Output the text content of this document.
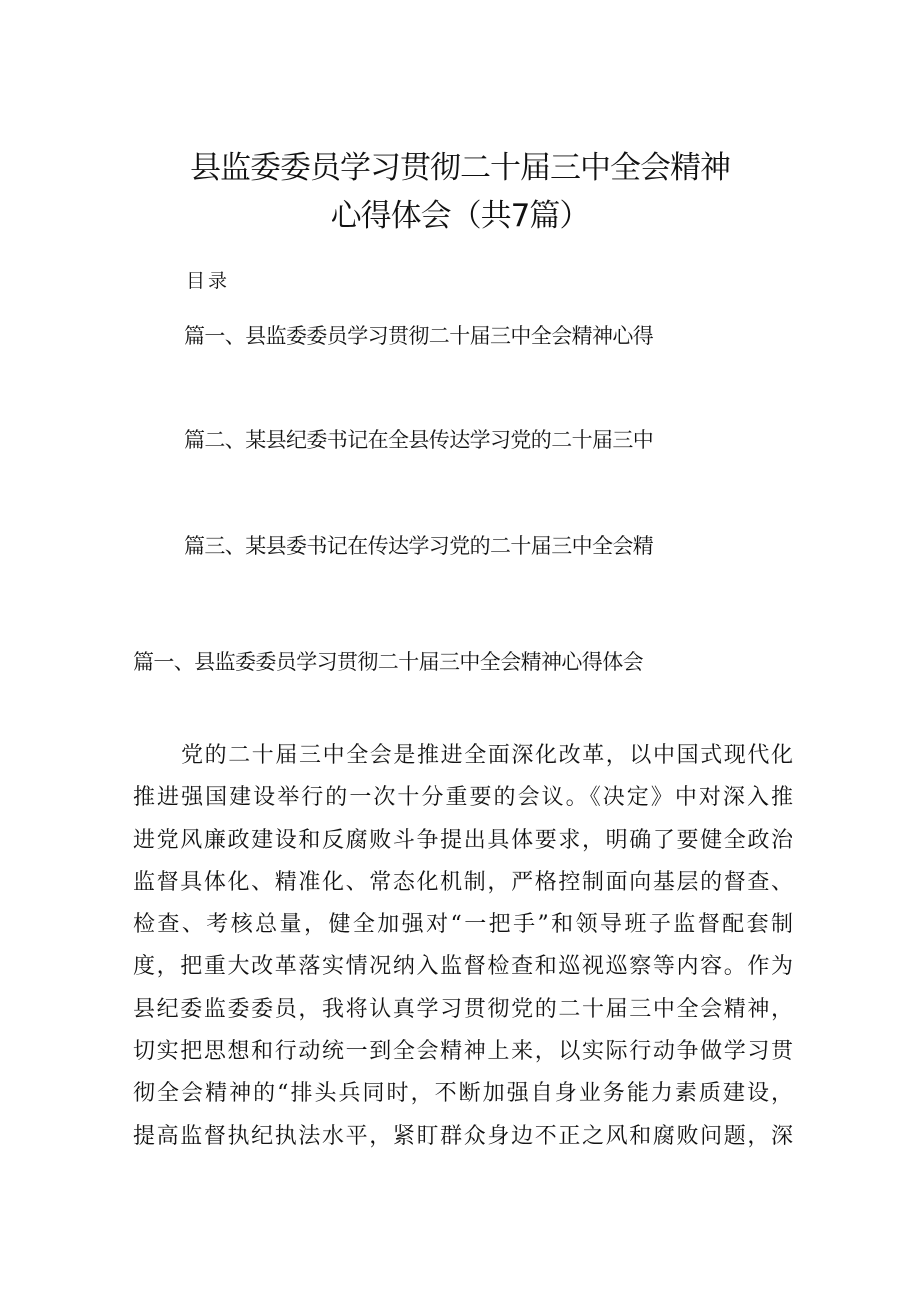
县监委委员学习贯彻二十届三中全会精神
心得体会（共7篇）
目录
篇一、县监委委员学习贯彻二十届三中全会精神心得
篇二、某县纪委书记在全县传达学习党的二十届三中
篇三、某县委书记在传达学习党的二十届三中全会精
篇一、县监委委员学习贯彻二十届三中全会精神心得体会
党的二十届三中全会是推进全面深化改革，以中国式现代化
推进强国建设举行的一次十分重要的会议。《决定》中对深入推
进党风廉政建设和反腐败斗争提出具体要求，明确了要健全政治
监督具体化、精准化、常态化机制，严格控制面向基层的督查、
检查、考核总量，健全加强对“一把手”和领导班子监督配套制
度，把重大改革落实情况纳入监督检查和巡视巡察等内容。作为
县纪委监委委员，我将认真学习贯彻党的二十届三中全会精神，
切实把思想和行动统一到全会精神上来，以实际行动争做学习贯
彻全会精神的“排头兵同时，不断加强自身业务能力素质建设，
提高监督执纪执法水平，紧盯群众身边不正之风和腐败问题，深
